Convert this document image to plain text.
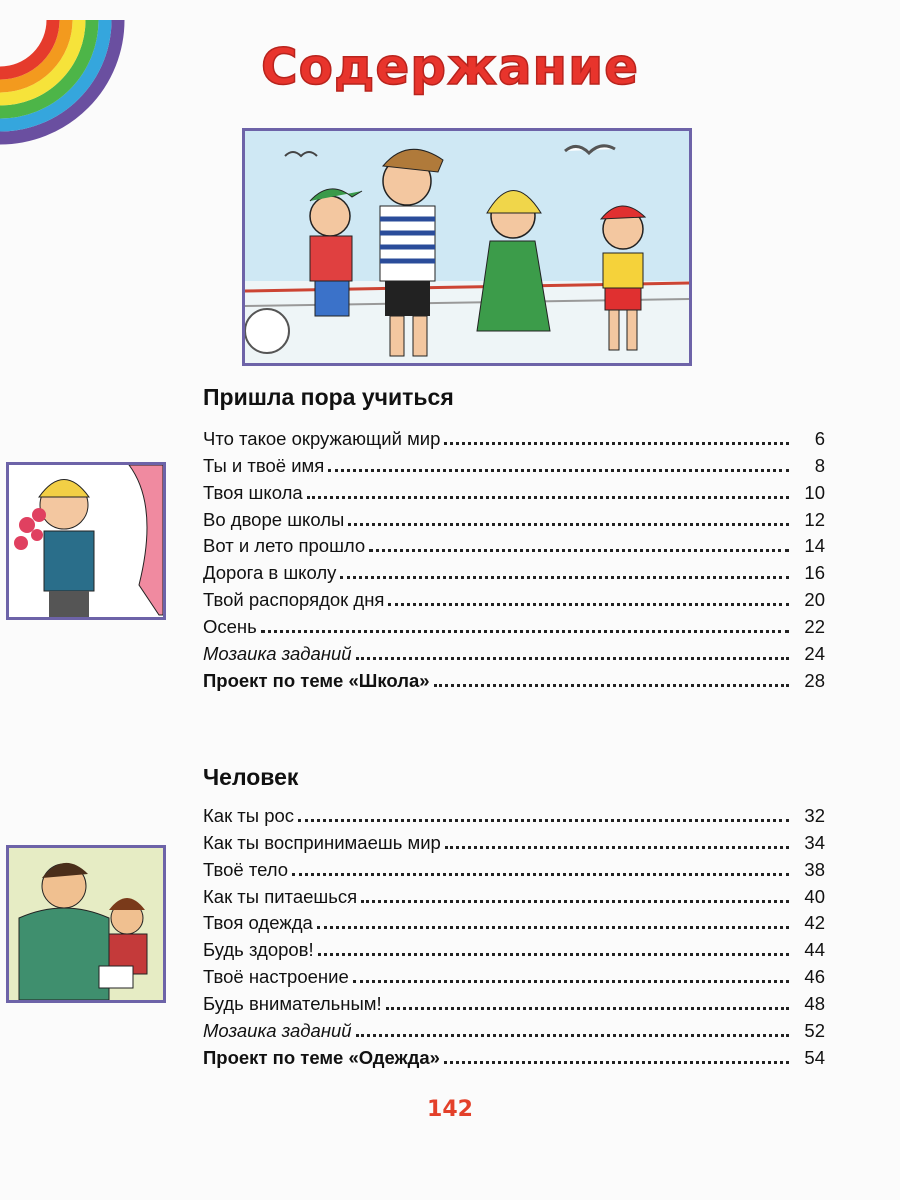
Содержание
Пришла пора учиться
Что такое окружающий мир	6
Ты и твоё имя	8
Твоя школа	10
Во дворе школы	12
Вот и лето прошло	14
Дорога в школу	16
Твой распорядок дня	20
Осень	22
Мозаика заданий	24
Проект по теме «Школа»	28
Человек
Как ты рос	32
Как ты воспринимаешь мир	34
Твоё тело	38
Как ты питаешься	40
Твоя одежда	42
Будь здоров!	44
Твоё настроение	46
Будь внимательным!	48
Мозаика заданий	52
Проект по теме «Одежда»	54
142
